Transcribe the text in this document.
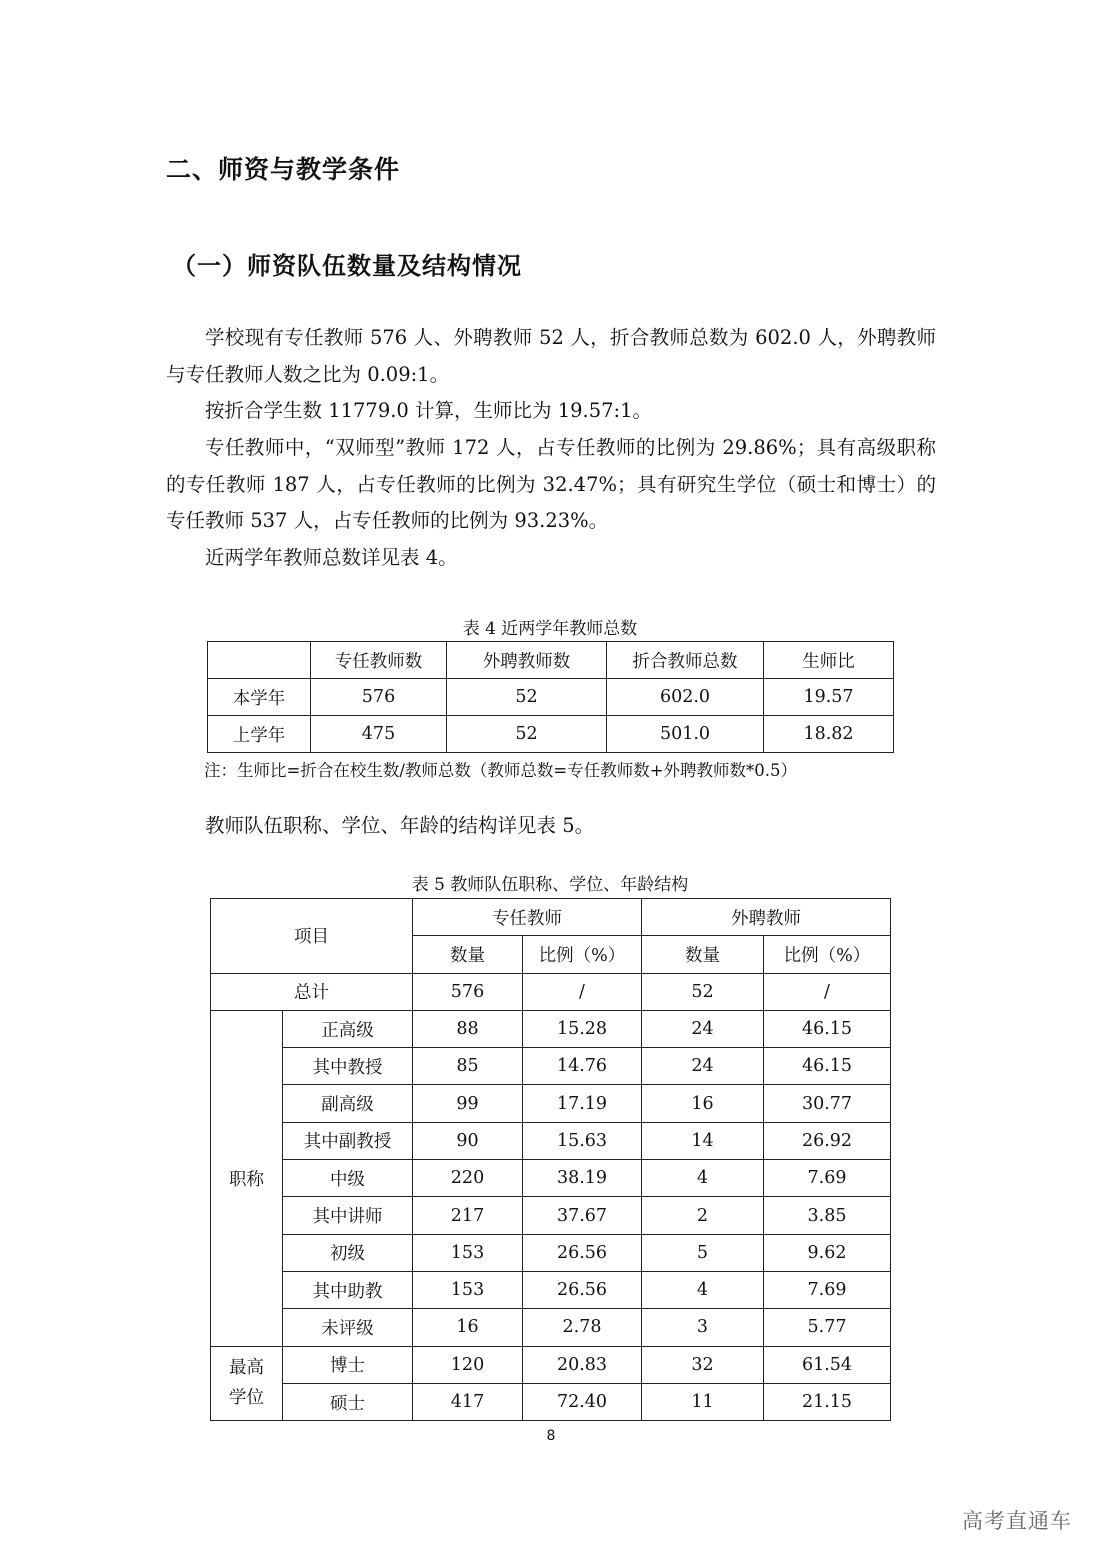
二、师资与教学条件
（一）师资队伍数量及结构情况
学校现有专任教师 576 人、外聘教师 52 人，折合教师总数为 602.0 人，外聘教师与专任教师人数之比为 0.09:1。
按折合学生数 11779.0 计算，生师比为 19.57:1。
专任教师中，“双师型”教师 172 人，占专任教师的比例为 29.86%；具有高级职称的专任教师 187 人，占专任教师的比例为 32.47%；具有研究生学位（硕士和博士）的专任教师 537 人，占专任教师的比例为 93.23%。
近两学年教师总数详见表 4。
表 4 近两学年教师总数
	专任教师数	外聘教师数	折合教师总数	生师比
本学年	576	52	602.0	19.57
上学年	475	52	501.0	18.82
注：生师比=折合在校生数/教师总数（教师总数=专任教师数+外聘教师数*0.5）
教师队伍职称、学位、年龄的结构详见表 5。
表 5 教师队伍职称、学位、年龄结构
项目		专任教师		外聘教师	
		数量	比例（%）	数量	比例（%）
总计		576	/	52	/
职称	正高级	88	15.28	24	46.15
	其中教授	85	14.76	24	46.15
	副高级	99	17.19	16	30.77
	其中副教授	90	15.63	14	26.92
	中级	220	38.19	4	7.69
	其中讲师	217	37.67	2	3.85
	初级	153	26.56	5	9.62
	其中助教	153	26.56	4	7.69
	未评级	16	2.78	3	5.77
最高
学位	博士	120	20.83	32	61.54
	硕士	417	72.40	11	21.15
8
高考直通车
